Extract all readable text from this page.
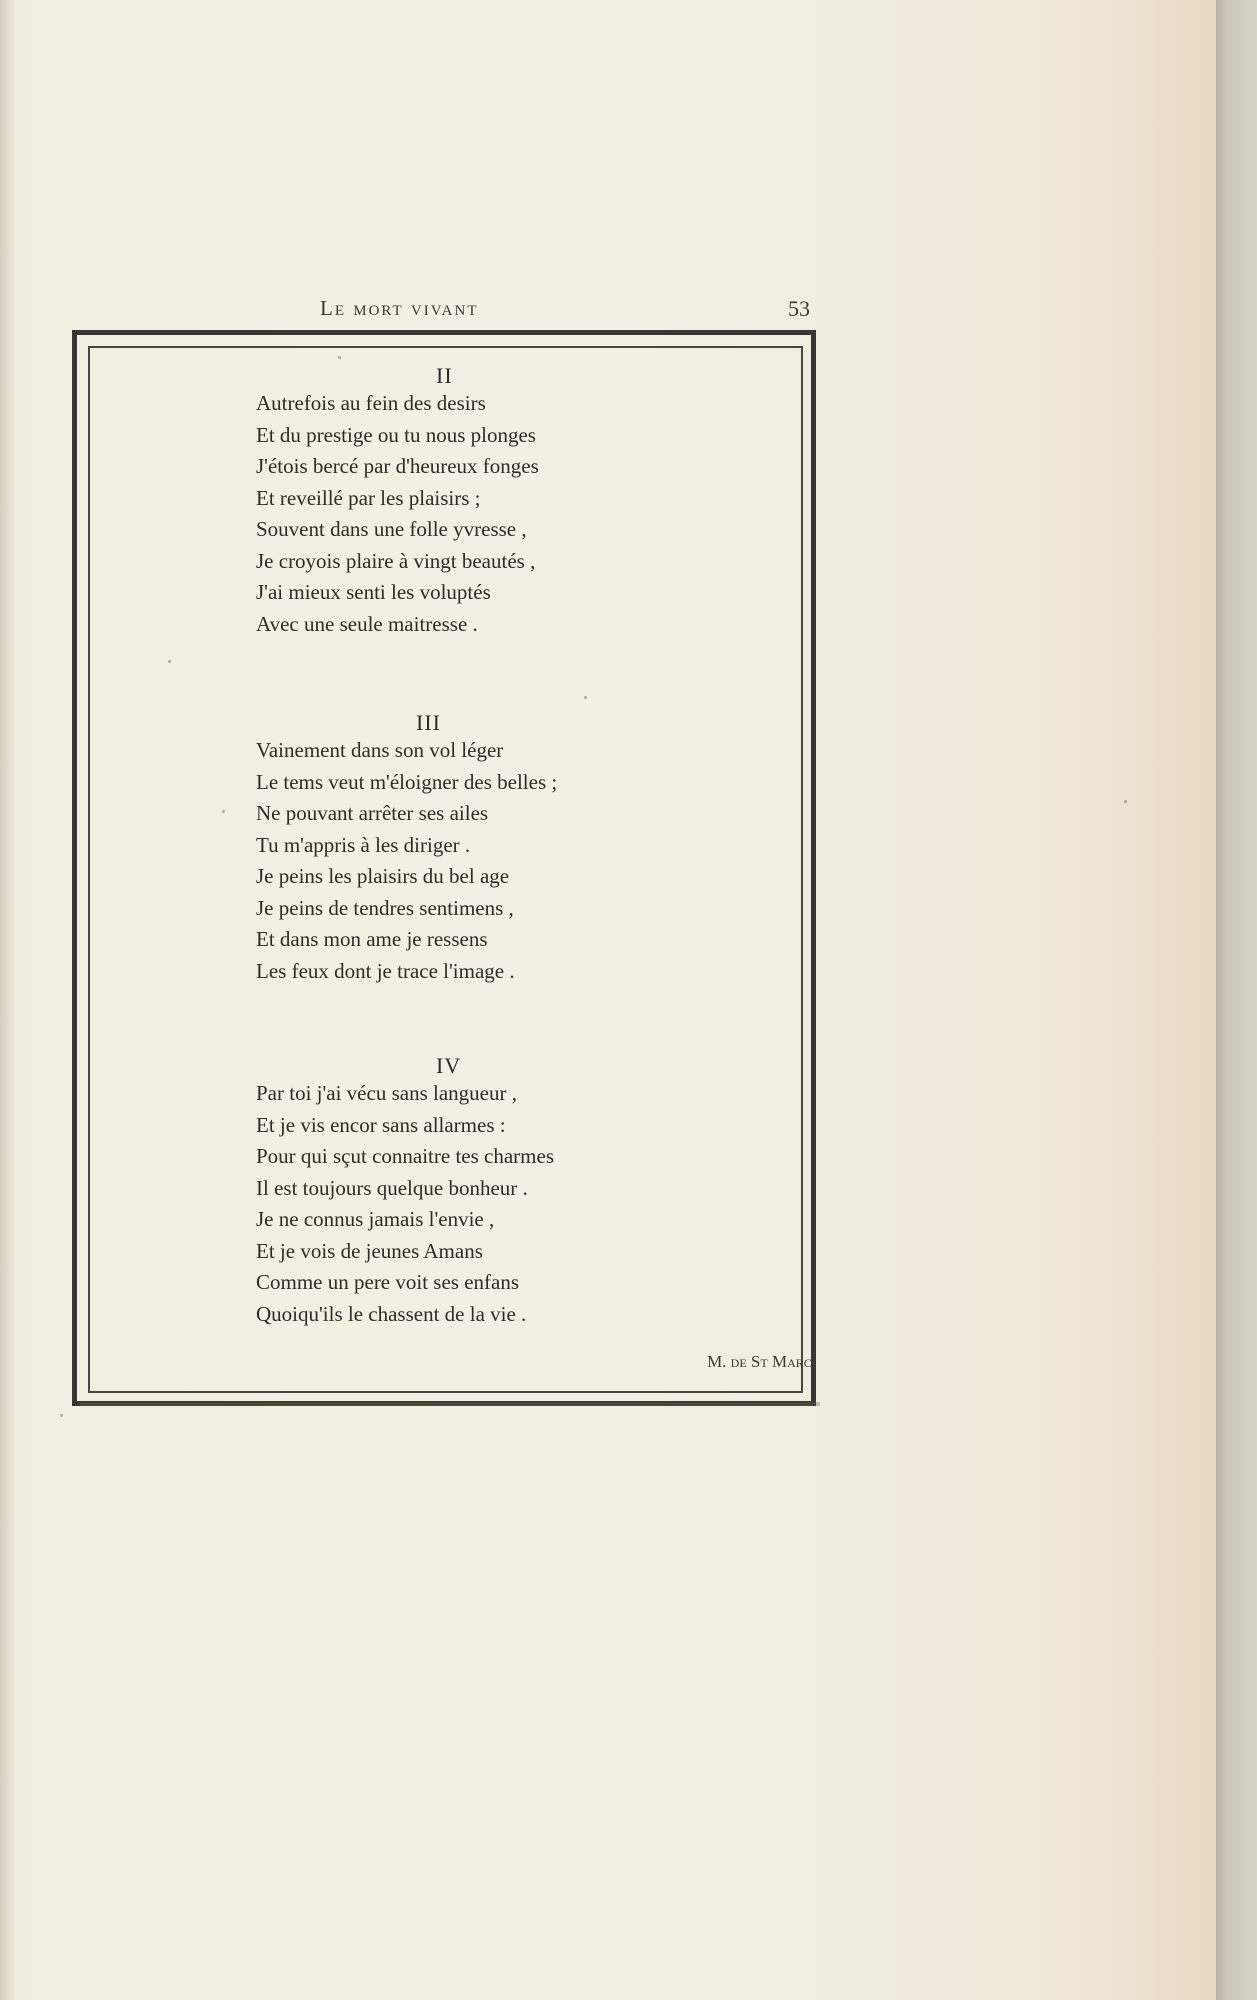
Le mort vivant	53
II
Autrefois au fein des desirs
Et du prestige ou tu nous plonges
J'étois bercé par d'heureux fonges
Et reveillé par les plaisirs ;
Souvent dans une folle yvresse ,
Je croyois plaire à vingt beautés ,
J'ai mieux senti les voluptés
Avec une seule maitresse .
III
Vainement dans son vol léger
Le tems veut m'éloigner des belles ;
Ne pouvant arrêter ses ailes
Tu m'appris à les diriger .
Je peins les plaisirs du bel age
Je peins de tendres sentimens ,
Et dans mon ame je ressens
Les feux dont je trace l'image .
IV
Par toi j'ai vécu sans langueur ,
Et je vis encor sans allarmes :
Pour qui sçut connaitre tes charmes
Il est toujours quelque bonheur .
Je ne connus jamais l'envie ,
Et je vois de jeunes Amans
Comme un pere voit ses enfans
Quoiqu'ils le chassent de la vie .
M. de St Marc.
